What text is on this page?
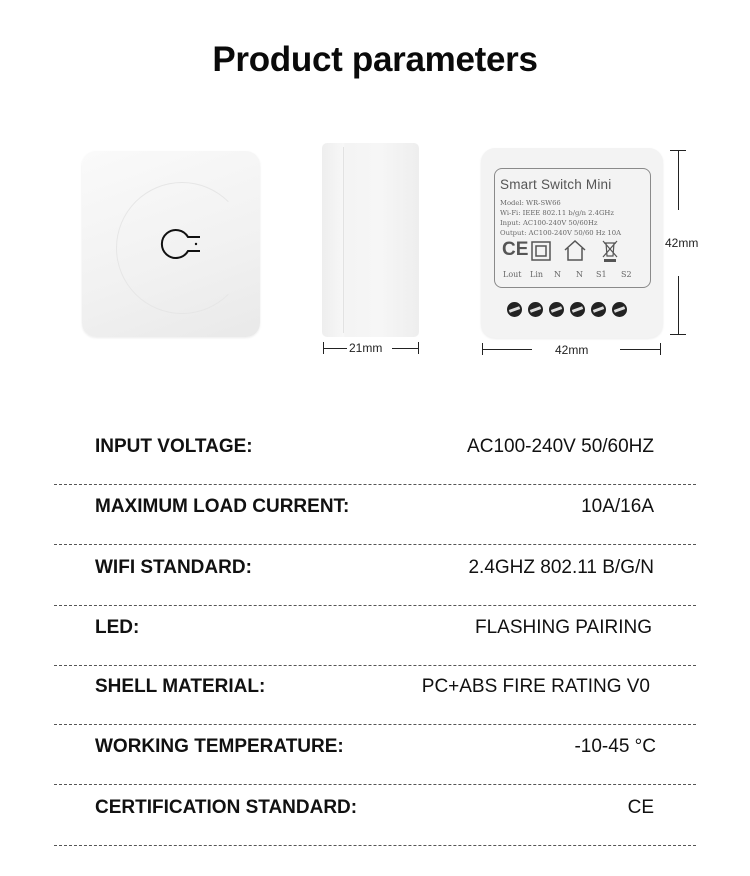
Product parameters
21mm
Smart Switch Mini
Model: WR-SW66
Wi-Fi: IEEE 802.11 b/g/n 2.4GHz
Input: AC100-240V 50/60Hz
Output: AC100-240V 50/60 Hz 10A
CE
Lout Lin N N S1 S2
42mm
42mm
INPUT VOLTAGE:	AC100-240V 50/60HZ
MAXIMUM LOAD CURRENT:	10A/16A
WIFI STANDARD:	2.4GHZ 802.11 B/G/N
LED:	FLASHING PAIRING
SHELL MATERIAL:	PC+ABS FIRE RATING V0
WORKING TEMPERATURE:	-10-45 °C
CERTIFICATION STANDARD:	CE
